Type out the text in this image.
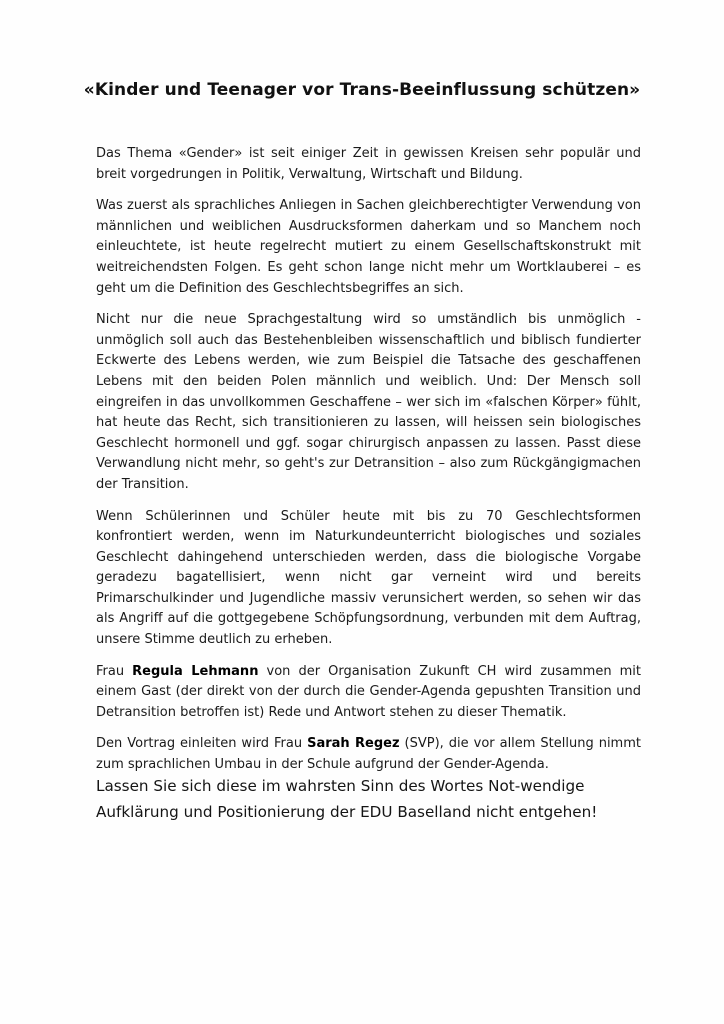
«Kinder und Teenager vor Trans-Beeinflussung schützen»

Das Thema «Gender» ist seit einiger Zeit in gewissen Kreisen sehr populär und breit vorgedrungen in Politik, Verwaltung, Wirtschaft und Bildung.

Was zuerst als sprachliches Anliegen in Sachen gleichberechtigter Verwendung von männlichen und weiblichen Ausdrucksformen daherkam und so Manchem noch einleuchtete, ist heute regelrecht mutiert zu einem Gesellschaftskonstrukt mit weitreichendsten Folgen. Es geht schon lange nicht mehr um Wortklauberei – es geht um die Definition des Geschlechtsbegriffes an sich.

Nicht nur die neue Sprachgestaltung wird so umständlich bis unmöglich - unmöglich soll auch das Bestehenbleiben wissenschaftlich und biblisch fundierter Eckwerte des Lebens werden, wie zum Beispiel die Tatsache des geschaffenen Lebens mit den beiden Polen männlich und weiblich. Und: Der Mensch soll eingreifen in das unvollkommen Geschaffene – wer sich im «falschen Körper» fühlt, hat heute das Recht, sich transitionieren zu lassen, will heissen sein biologisches Geschlecht hormonell und ggf. sogar chirurgisch anpassen zu lassen. Passt diese Verwandlung nicht mehr, so geht's zur Detransition – also zum Rückgängigmachen der Transition.

Wenn Schülerinnen und Schüler heute mit bis zu 70 Geschlechtsformen konfrontiert werden, wenn im Naturkundeunterricht biologisches und soziales Geschlecht dahingehend unterschieden werden, dass die biologische Vorgabe geradezu bagatellisiert, wenn nicht gar verneint wird und bereits Primarschulkinder und Jugendliche massiv verunsichert werden, so sehen wir das als Angriff auf die gottgegebene Schöpfungsordnung, verbunden mit dem Auftrag, unsere Stimme deutlich zu erheben.

Frau Regula Lehmann von der Organisation Zukunft CH wird zusammen mit einem Gast (der direkt von der durch die Gender-Agenda gepushten Transition und Detransition betroffen ist) Rede und Antwort stehen zu dieser Thematik.

Den Vortrag einleiten wird Frau Sarah Regez (SVP), die vor allem Stellung nimmt zum sprachlichen Umbau in der Schule aufgrund der Gender-Agenda.

Lassen Sie sich diese im wahrsten Sinn des Wortes Not-wendige
Aufklärung und Positionierung der EDU Baselland nicht entgehen!
